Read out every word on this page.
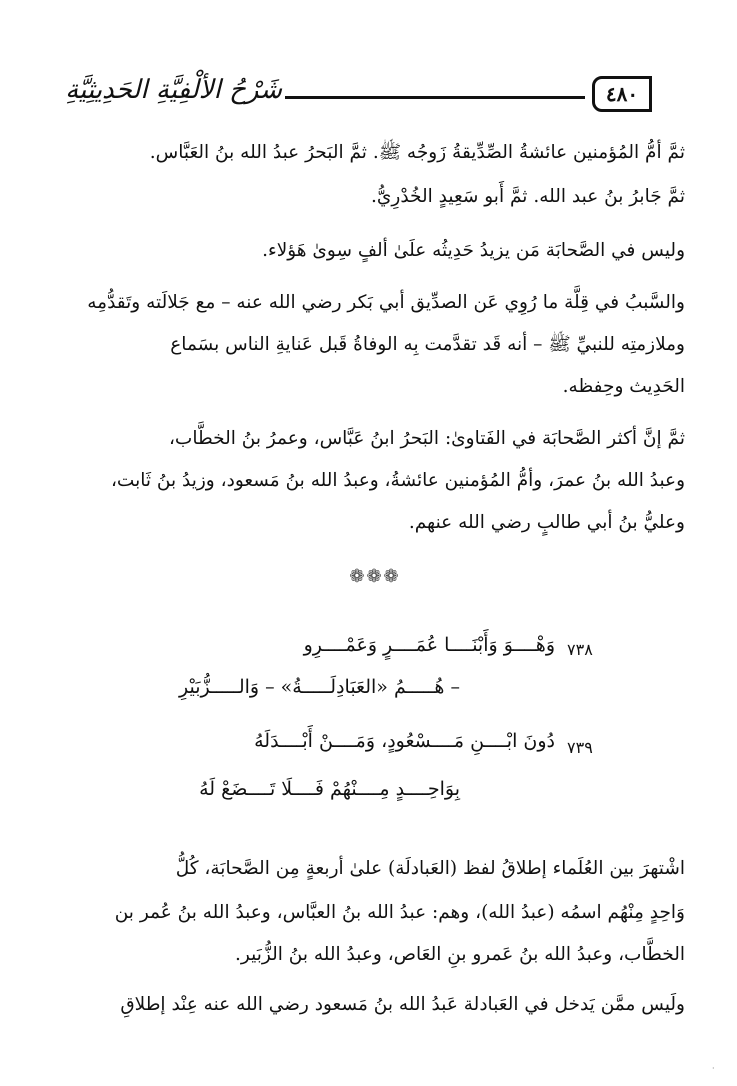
٤٨٠
شَرْحُ الألْفِيَّةِ الحَدِيثِيَّةِ
ثمَّ أمُّ المُؤمنين عائشةُ الصِّدِّيقةُ زَوجُه ﷺ. ثمَّ البَحرُ عبدُ الله بنُ العَبَّاس.
ثمَّ جَابرُ بنُ عبد الله. ثمَّ أَبو سَعِيدٍ الخُدْرِيُّ.
وليس في الصَّحابَة مَن يزيدُ حَدِيثُه علَىٰ ألفٍ سِوىٰ هَؤلاء.
والسَّببُ في قِلَّة ما رُوِي عَن الصدِّيق أبي بَكر رضي الله عنه – مع جَلالَته وتَقدُّمِه
وملازمتِه للنبيِّ ﷺ – أنه قَد تقدَّمت بِه الوفاةُ قَبل عَنايةِ الناس بسَماع
الحَدِيث وحِفظه.
ثمَّ إنَّ أكثر الصَّحابَة في الفَتاوىٰ: البَحرُ ابنُ عَبَّاس، وعمرُ بنُ الخطَّاب،
وعبدُ الله بنُ عمرَ، وأمُّ المُؤمنين عائشةُ، وعبدُ الله بنُ مَسعود، وزيدُ بنُ ثَابت،
وعليُّ بنُ أبي طالبٍ رضي الله عنهم.
❁❁❁
٧٣٨
وَهْــــوَ وَأَبْنَــــا عُمَــــرٍ وَعَمْــــرِو
– هُـــــمُ «العَبَادِلَـــــةُ» – وَالـــــزُّبَيْرِ
٧٣٩
دُونَ ابْــــنِ مَــــسْعُودٍ، وَمَــــنْ أَبْــــدَلَهُ
بِوَاحِــــدٍ مِــــنْهُمْ فَــــلَا تَــــضَعْ لَهُ
اشْتهرَ بين العُلَماء إطلاقُ لفظ (العَبادلَة) علىٰ أربعةٍ مِن الصَّحابَة، كُلُّ
وَاحِدٍ مِنْهُم اسمُه (عبدُ الله)، وهم: عبدُ الله بنُ العبَّاس، وعبدُ الله بنُ عُمر بن
الخطَّاب، وعبدُ الله بنُ عَمرو بنِ العَاص، وعبدُ الله بنُ الزُّبَير.
ولَيس ممَّن يَدخل في العَبادلة عَبدُ الله بنُ مَسعود رضي الله عنه عِنْد إطلاقِ
·
